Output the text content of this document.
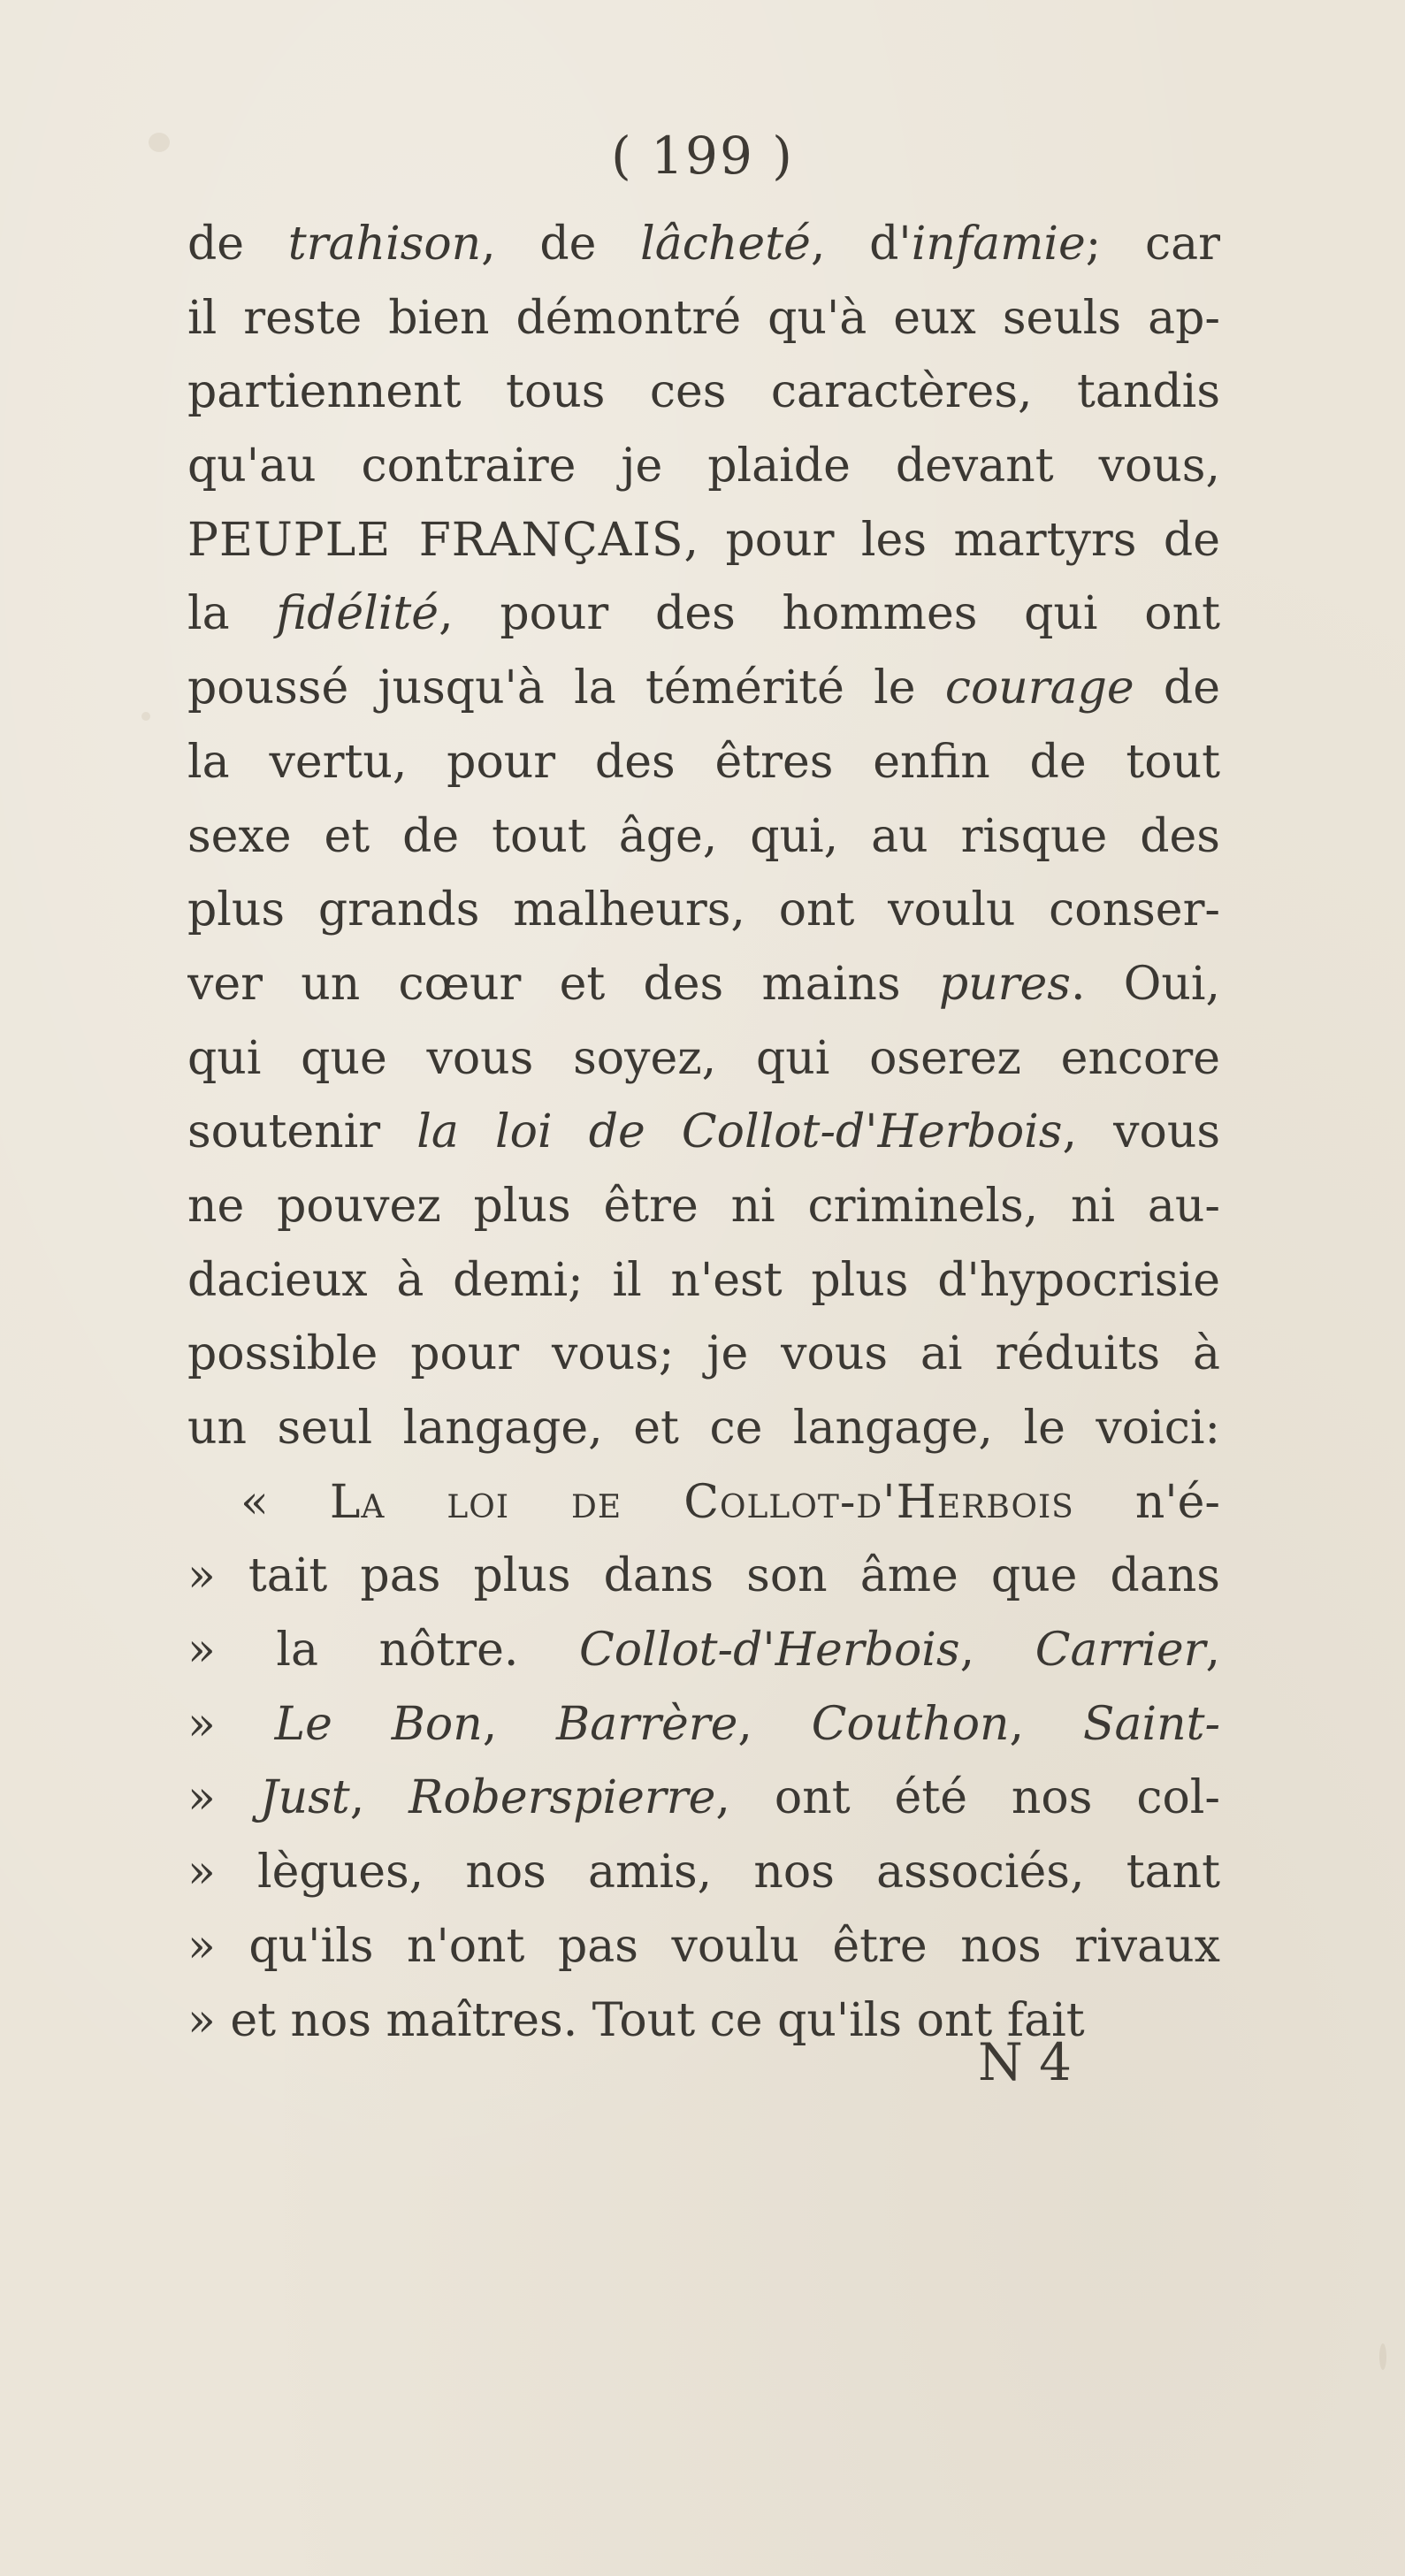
( 199 )
de trahison, de lâcheté, d'infamie; car
il reste bien démontré qu'à eux seuls ap-
partiennent tous ces caractères, tandis
qu'au contraire je plaide devant vous,
PEUPLE FRANÇAIS, pour les martyrs de
la fidélité, pour des hommes qui ont
poussé jusqu'à la témérité le courage de
la vertu, pour des êtres enfin de tout
sexe et de tout âge, qui, au risque des
plus grands malheurs, ont voulu conser-
ver un cœur et des mains pures. Oui,
qui que vous soyez, qui oserez encore
soutenir la loi de Collot-d'Herbois, vous
ne pouvez plus être ni criminels, ni au-
dacieux à demi; il n'est plus d'hypocrisie
possible pour vous; je vous ai réduits à
un seul langage, et ce langage, le voici:
« La loi de Collot-d'Herbois n'é-
» tait pas plus dans son âme que dans
» la nôtre. Collot-d'Herbois, Carrier,
» Le Bon, Barrère, Couthon, Saint-
» Just, Roberspierre, ont été nos col-
» lègues, nos amis, nos associés, tant
» qu'ils n'ont pas voulu être nos rivaux
» et nos maîtres. Tout ce qu'ils ont fait
N 4
